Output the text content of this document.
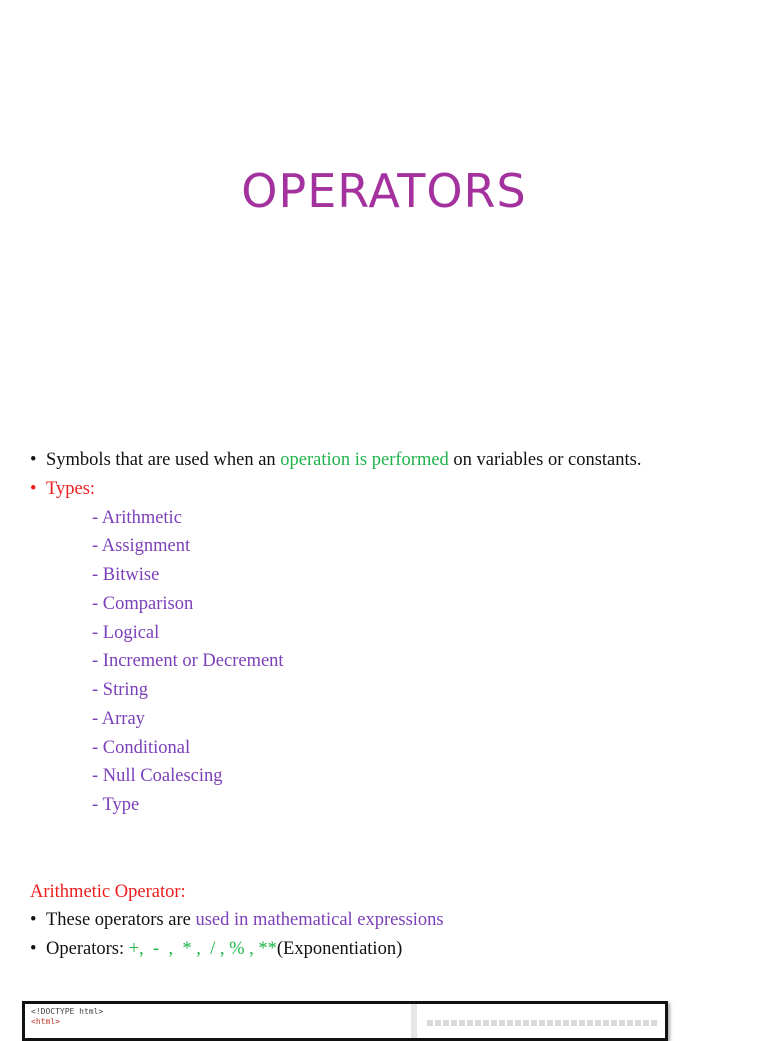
OPERATORS
• Symbols that are used when an operation is performed on variables or constants.
• Types:
- Arithmetic
- Assignment
- Bitwise
- Comparison
- Logical
- Increment or Decrement
- String
- Array
- Conditional
- Null Coalescing
- Type
Arithmetic Operator:
• These operators are used in mathematical expressions
• Operators: +,  -  ,  * ,  / , % , **(Exponentiation)
<!DOCTYPE html>
<html>
